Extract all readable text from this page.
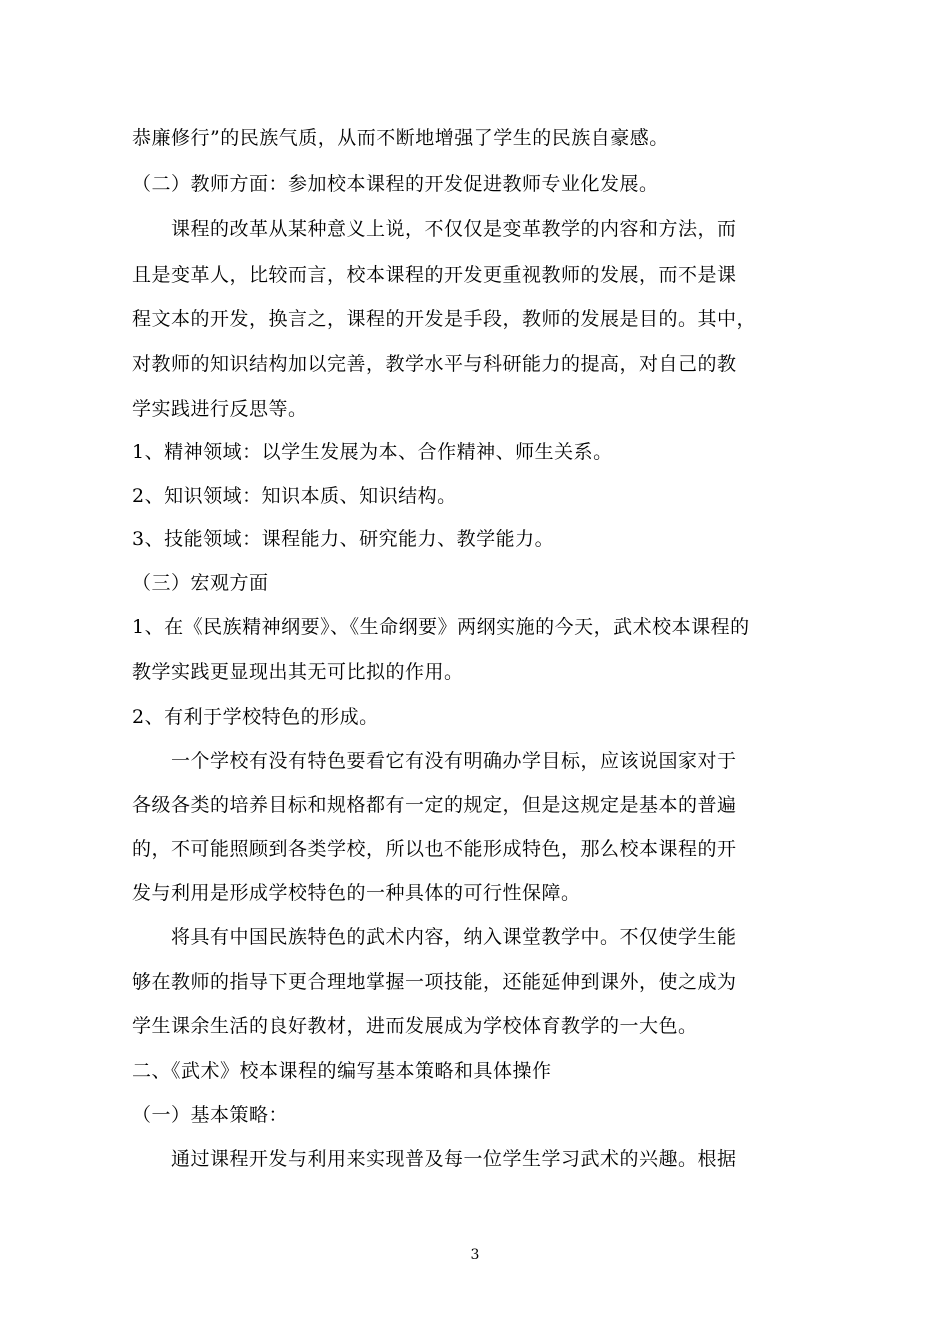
恭廉修行”的民族气质，从而不断地增强了学生的民族自豪感。
（二）教师方面：参加校本课程的开发促进教师专业化发展。
课程的改革从某种意义上说，不仅仅是变革教学的内容和方法，而
且是变革人，比较而言，校本课程的开发更重视教师的发展，而不是课
程文本的开发，换言之，课程的开发是手段，教师的发展是目的。其中，
对教师的知识结构加以完善，教学水平与科研能力的提高，对自己的教
学实践进行反思等。
1、精神领域：以学生发展为本、合作精神、师生关系。
2、知识领域：知识本质、知识结构。
3、技能领域：课程能力、研究能力、教学能力。
（三）宏观方面
1、在《民族精神纲要》、《生命纲要》两纲实施的今天，武术校本课程的
教学实践更显现出其无可比拟的作用。
2、有利于学校特色的形成。
一个学校有没有特色要看它有没有明确办学目标，应该说国家对于
各级各类的培养目标和规格都有一定的规定，但是这规定是基本的普遍
的，不可能照顾到各类学校，所以也不能形成特色，那么校本课程的开
发与利用是形成学校特色的一种具体的可行性保障。
将具有中国民族特色的武术内容，纳入课堂教学中。不仅使学生能
够在教师的指导下更合理地掌握一项技能，还能延伸到课外，使之成为
学生课余生活的良好教材，进而发展成为学校体育教学的一大色。
二、《武术》校本课程的编写基本策略和具体操作
（一）基本策略：
通过课程开发与利用来实现普及每一位学生学习武术的兴趣。根据
3
